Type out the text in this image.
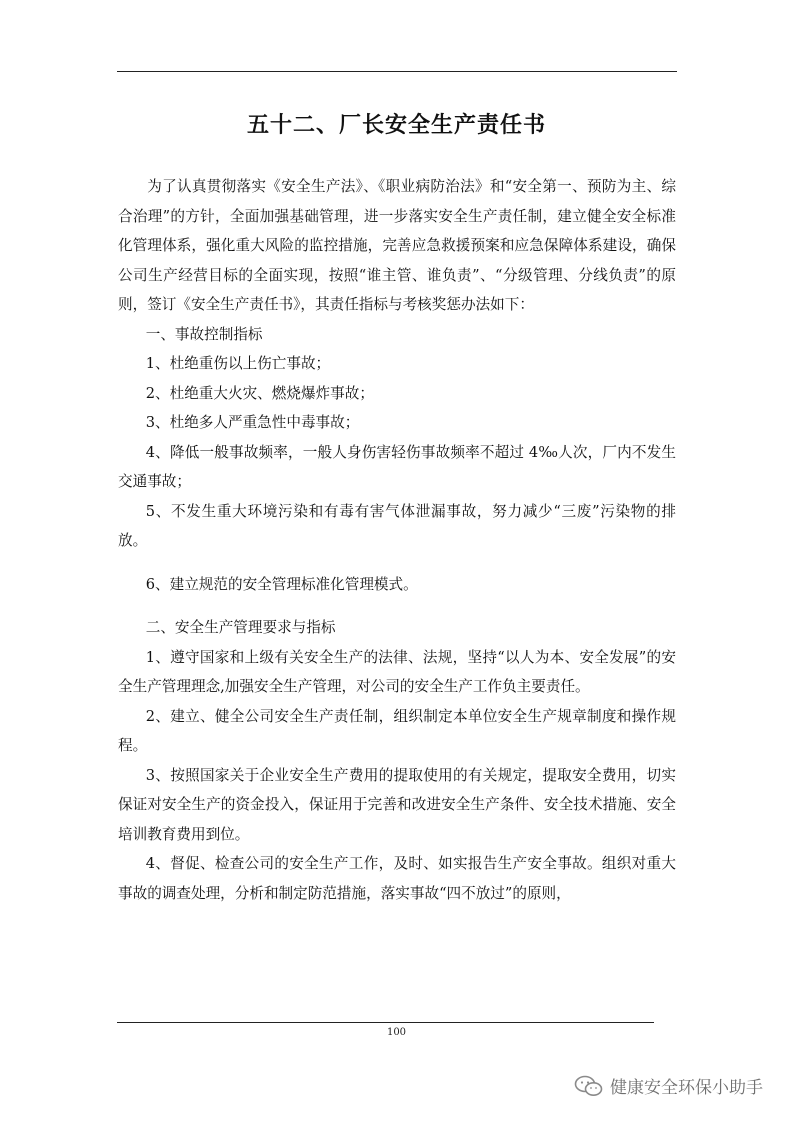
五十二、厂长安全生产责任书

为了认真贯彻落实《安全生产法》、《职业病防治法》和“安全第一、预防为主、综合治理”的方针，全面加强基础管理，进一步落实安全生产责任制，建立健全安全标准化管理体系，强化重大风险的监控措施，完善应急救援预案和应急保障体系建设，确保公司生产经营目标的全面实现，按照“谁主管、谁负责”、“分级管理、分线负责”的原则，签订《安全生产责任书》，其责任指标与考核奖惩办法如下：

一、事故控制指标

1、杜绝重伤以上伤亡事故；

2、杜绝重大火灾、燃烧爆炸事故；

3、杜绝多人严重急性中毒事故；

4、降低一般事故频率，一般人身伤害轻伤事故频率不超过 4‰人次，厂内不发生交通事故；

5、不发生重大环境污染和有毒有害气体泄漏事故，努力减少“三废”污染物的排放。

6、建立规范的安全管理标准化管理模式。

二、安全生产管理要求与指标

1、遵守国家和上级有关安全生产的法律、法规，坚持“以人为本、安全发展”的安全生产管理理念,加强安全生产管理，对公司的安全生产工作负主要责任。

2、建立、健全公司安全生产责任制，组织制定本单位安全生产规章制度和操作规程。

3、按照国家关于企业安全生产费用的提取使用的有关规定，提取安全费用，切实保证对安全生产的资金投入，保证用于完善和改进安全生产条件、安全技术措施、安全培训教育费用到位。

4、督促、检查公司的安全生产工作，及时、如实报告生产安全事故。组织对重大事故的调查处理，分析和制定防范措施，落实事故“四不放过”的原则，

100
健康安全环保小助手
